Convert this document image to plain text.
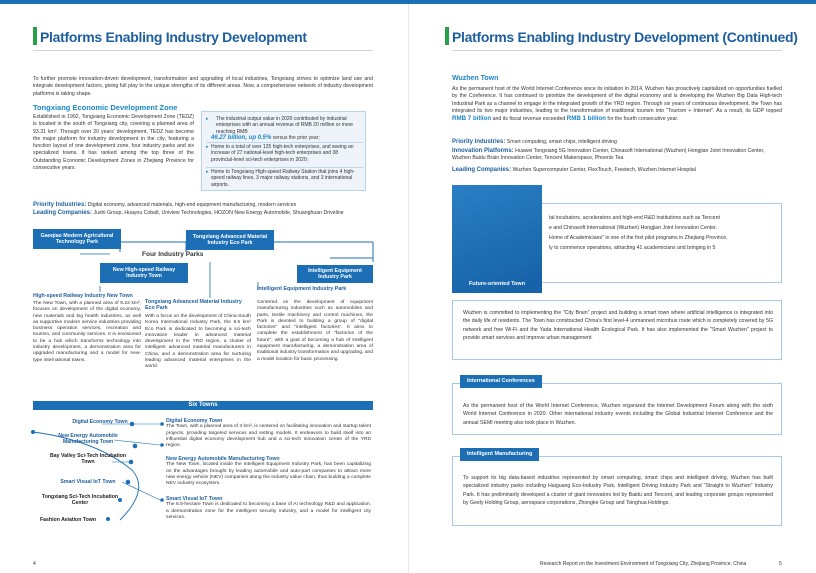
Platforms Enabling Industry Development
To further promote innovation-driven development, transformation and upgrading of local industries, Tongxiang strives to optimize land use and integrate development factors, giving full play to the unique strengths of its different areas. Now, a comprehensive network of industry development platforms is taking shape.
Tongxiang Economic Development Zone
Established in 1992, Tongxiang Economic Development Zone (TEDZ) is located in the south of Tongxiang city, covering a planned area of 93.31 km². Through over 20 years' development, TEDZ has become the major platform for industry development in the city, featuring a function layout of one development zone, four industry parks and six specialized towns. It has ranked among the top three of the Outstanding Economic Development Zones in Zhejiang Province for consecutive years.
▸ The industrial output value in 2020 contributed by industrial enterprises with an annual revenue of RMB 20 million or more reaching RMB
46.27 billion, up 0.5% versus the prior year;
▸ Home to a total of over 125 high-tech enterprises, and seeing an increase of 27 national-level high-tech enterprises and 38 provincial-level sci-tech enterprises in 2020;
▸ Home to Tongxiang High-speed Railway Station that joins 4 high-speed railway lines, 3 major railway stations, and 3 international airports.
Priority Industries: Digital economy, advanced materials, high-end equipment manufacturing, modern services
Leading Companies: Jushi Group, Huayou Cobalt, Uniview Technologies, HOZON New Energy Automobile, Shuanghuan Driveline
Gaoqiao Modern Agricultural Technology Park
Tongxiang Advanced Material Industry Eco Park
Four Industry Parks
New High-speed Railway Industry Town
Intelligent Equipment Industry Park
High-speed Railway Industry New Town
The New Town, with a planned area of 9.23 km², focuses on development of the digital economy, new materials and big health industries, as well as supportive modern service industries providing business operation services, recreation and tourism, and community services. It is envisioned to be a hub which transforms technology into industry development, a demonstration area for upgraded manufacturing and a model for new-type international towns.
Tongxiang Advanced Material Industry Eco Park
With a focus on the development of China-South Korea International Industry Park, the 9.5 km² Eco Park is dedicated to becoming a sci-tech innovation leader in advanced material development in the YRD region, a cluster of intelligent advanced material manufacturers in China, and a demonstration area for nurturing leading advanced material enterprises in the world.
Intelligent Equipment Industry Park
Centered on the development of equipment manufacturing industries such as automobiles and parts, textile machinery and control machines, the Park is devoted to building a group of "digital factories" and "intelligent factories". It aims to complete the establishment of "factories of the future", with a goal of becoming a hub of intelligent equipment manufacturing, a demonstration area of traditional industry transformation and upgrading, and a model location for basic processing.
Six Towns
Digital Economy Town
New Energy Automobile Manufacturing Town
Bay Valley Sci-Tech Incubation Town
Smart Visual IoT Town
Tongxiang Sci-Tech Incubation Center
Fashion Aviation Town
Digital Economy Town
The Town, with a planned area of 3 km², is centered on facilitating innovation and startup talent projects, providing targeted services and setting models. It endeavors to build itself into an influential digital economy development hub and a sci-tech innovation center of the YRD region.
New Energy Automobile Manufacturing Town
The New Town, located inside the Intelligent Equipment Industry Park, has been capitalizing on the advantages brought by leading automobile and auto-part companies to attract more new energy vehicle (NEV) companies along the industry value chain, thus building a complete NEV industry ecosystem.
Smart Visual IoT Town
The 6.5-hectare Town is dedicated to becoming a base of AI technology R&D and application, a demonstration zone for the intelligent security industry, and a model for intelligent city services.
4
Platforms Enabling Industry Development (Continued)
Wuzhen Town
As the permanent host of the World Internet Conference since its initiation in 2014, Wuzhen has proactively capitalized on opportunities fuelled by the Conference. It has continued to prioritize the development of the digital economy and is developing the Wuzhen Big Data High-tech Industrial Park as a channel to engage in the integrated growth of the YRD region. Through six years of continuous development, the Town has integrated its two major industries, leading to the transformation of traditional tourism into "Tourism + Internet". As a result, its GDP topped RMB 7 billion and its fiscal revenue exceeded RMB 1 billion for the fourth consecutive year.
Priority Industries: Smart computing, smart chips, intelligent driving
Innovation Platforms: Huawei Tongxiang 5G Innovation Center, Chinasoft International (Wuzhen) Hongjian Joint Innovation Center, Wuzhen Baidu Brain Innovation Center, Tencent Makerspace, Phoenix Tea
Leading Companies: Wuzhen Supercomputer Center, FlexTouch, Freetech, Wuzhen Internet Hospital
tal incubators, accelerators and high-end R&D institutions such as Tencent
e and Chinasoft International (Wuzhen) Hongjian Joint Innovation Center.
Home of Academicians" is one of the first pilot programs in Zhejiang Province,
ly to commence operations, attracting 41 academicians and bringing in 5
Future-oriented Town
Wuzhen is committed to implementing the "City Brain" project and building a smart town where artificial intelligence is integrated into the daily life of residents. The Town has constructed China's first level-4 unmanned microbus route which is completely covered by 5G network and free Wi-Fi and the Yada International Health Ecological Park. It has also implemented the "Smart Wuzhen" project to provide smart services and improve urban management.
As the permanent host of the World Internet Conference, Wuzhen organized the Internet Development Forum along with the sixth World Internet Conference in 2020. Other international industry events including the Global Industrial Internet Conference and the annual SEMI meeting also took place in Wuzhen.
International Conferences
To support its big data-based industries represented by smart computing, smart chips and intelligent driving, Wuzhen has built specialized industry parks including Haiguang Eco-Industry Park, Intelligent Driving Industry Park and "Straight to Wuzhen" Industry Park. It has preliminarily developed a cluster of giant innovators led by Baidu and Tencent, and leading corporate groups represented by Geely Holding Group, aerospace corporations, Zhongke Group and Tsinghua Holdings.
Intelligent Manufacturing
Research Report on the Investment Environment of Tongxiang City, Zhejiang Province, China	5
